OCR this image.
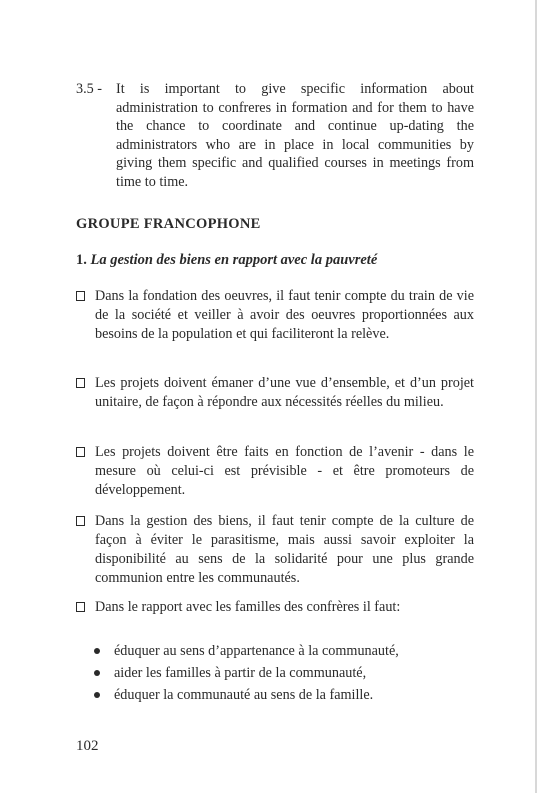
3.5 - It is important to give specific information about administration to confreres in formation and for them to have the chance to coordinate and continue up-dating the administrators who are in place in local communities by giving them specific and qualified courses in meetings from time to time.
GROUPE FRANCOPHONE
1. La gestion des biens en rapport avec la pauvreté
Dans la fondation des oeuvres, il faut tenir compte du train de vie de la société et veiller à avoir des oeuvres proportionnées aux besoins de la population et qui faciliteront la relève.
Les projets doivent émaner d’une vue d’ensemble, et d’un projet unitaire, de façon à répondre aux nécessités réelles du milieu.
Les projets doivent être faits en fonction de l’avenir - dans le mesure où celui-ci est prévisible - et être promoteurs de développement.
Dans la gestion des biens, il faut tenir compte de la culture de façon à éviter le parasitisme, mais aussi savoir exploiter la disponibilité au sens de la solidarité pour une plus grande communion entre les communautés.
Dans le rapport avec les familles des confrères il faut:
éduquer au sens d’appartenance à la communauté,
aider les familles à partir de la communauté,
éduquer la communauté au sens de la famille.
102
